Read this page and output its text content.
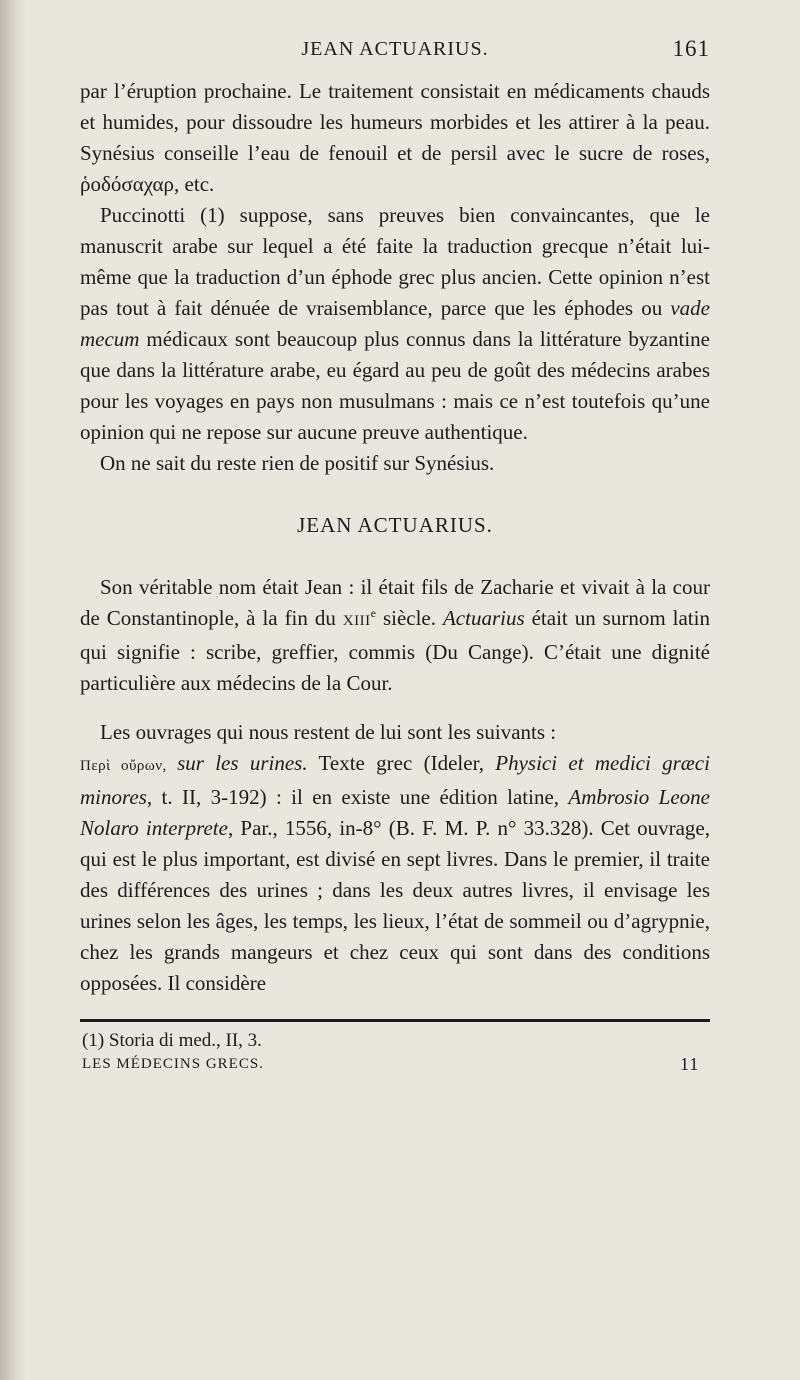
JEAN ACTUARIUS.	161

par l’éruption prochaine. Le traitement consistait en médicaments chauds et humides, pour dissoudre les humeurs morbides et les attirer à la peau. Synésius conseille l’eau de fenouil et de persil avec le sucre de roses, ῥοδόσαχαρ, etc.

Puccinotti (1) suppose, sans preuves bien convaincantes, que le manuscrit arabe sur lequel a été faite la traduction grecque n’était lui-même que la traduction d’un éphode grec plus ancien. Cette opinion n’est pas tout à fait dénuée de vraisemblance, parce que les éphodes ou vade mecum médicaux sont beaucoup plus connus dans la littérature byzantine que dans la littérature arabe, eu égard au peu de goût des médecins arabes pour les voyages en pays non musulmans : mais ce n’est toutefois qu’une opinion qui ne repose sur aucune preuve authentique.

On ne sait du reste rien de positif sur Synésius.

JEAN ACTUARIUS.

Son véritable nom était Jean : il était fils de Zacharie et vivait à la cour de Constantinople, à la fin du XIIIe siècle. Actuarius était un surnom latin qui signifie : scribe, greffier, commis (Du Cange). C’était une dignité particulière aux médecins de la Cour.

Les ouvrages qui nous restent de lui sont les suivants :

Περὶ οὔρων, sur les urines. Texte grec (Ideler, Physici et medici græci minores, t. II, 3-192) : il en existe une édition latine, Ambrosio Leone Nolaro interprete, Par., 1556, in-8° (B. F. M. P. n° 33.328). Cet ouvrage, qui est le plus important, est divisé en sept livres. Dans le premier, il traite des différences des urines ; dans les deux autres livres, il envisage les urines selon les âges, les temps, les lieux, l’état de sommeil ou d’agrypnie, chez les grands mangeurs et chez ceux qui sont dans des conditions opposées. Il considère

(1) Storia di med., II, 3.

LES MÉDECINS GRECS.	11
